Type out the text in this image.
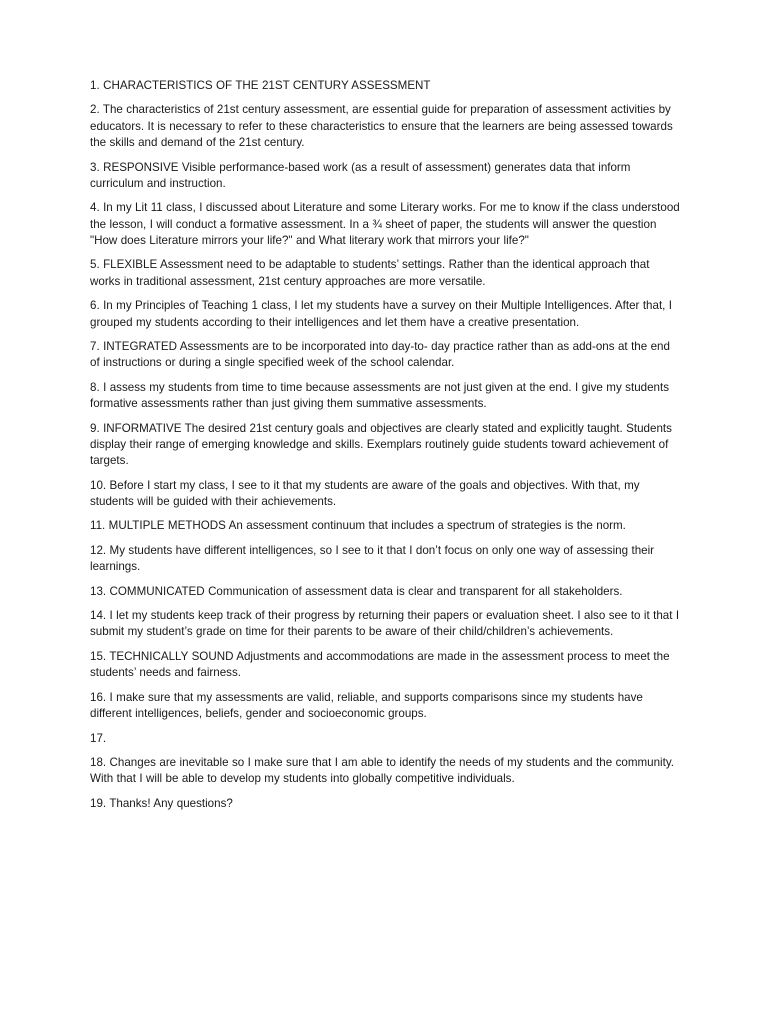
1. CHARACTERISTICS OF THE 21ST CENTURY ASSESSMENT

2. The characteristics of 21st century assessment, are essential guide for preparation of assessment activities by educators. It is necessary to refer to these characteristics to ensure that the learners are being assessed towards the skills and demand of the 21st century.

3. RESPONSIVE Visible performance-based work (as a result of assessment) generates data that inform curriculum and instruction.

4. In my Lit 11 class, I discussed about Literature and some Literary works. For me to know if the class understood the lesson, I will conduct a formative assessment. In a ¾ sheet of paper, the students will answer the question "How does Literature mirrors your life?" and What literary work that mirrors your life?"

5. FLEXIBLE Assessment need to be adaptable to students’ settings. Rather than the identical approach that works in traditional assessment, 21st century approaches are more versatile.

6. In my Principles of Teaching 1 class, I let my students have a survey on their Multiple Intelligences. After that, I grouped my students according to their intelligences and let them have a creative presentation.

7. INTEGRATED Assessments are to be incorporated into day-to- day practice rather than as add-ons at the end of instructions or during a single specified week of the school calendar.

8. I assess my students from time to time because assessments are not just given at the end. I give my students formative assessments rather than just giving them summative assessments.

9. INFORMATIVE The desired 21st century goals and objectives are clearly stated and explicitly taught. Students display their range of emerging knowledge and skills. Exemplars routinely guide students toward achievement of targets.

10. Before I start my class, I see to it that my students are aware of the goals and objectives. With that, my students will be guided with their achievements.

11. MULTIPLE METHODS An assessment continuum that includes a spectrum of strategies is the norm.

12. My students have different intelligences, so I see to it that I don’t focus on only one way of assessing their learnings.

13. COMMUNICATED Communication of assessment data is clear and transparent for all stakeholders.

14. I let my students keep track of their progress by returning their papers or evaluation sheet. I also see to it that I submit my student’s grade on time for their parents to be aware of their child/children’s achievements.

15. TECHNICALLY SOUND Adjustments and accommodations are made in the assessment process to meet the students’ needs and fairness.

16. I make sure that my assessments are valid, reliable, and supports comparisons since my students have different intelligences, beliefs, gender and socioeconomic groups.

17.

18. Changes are inevitable so I make sure that I am able to identify the needs of my students and the community. With that I will be able to develop my students into globally competitive individuals.

19. Thanks! Any questions?
